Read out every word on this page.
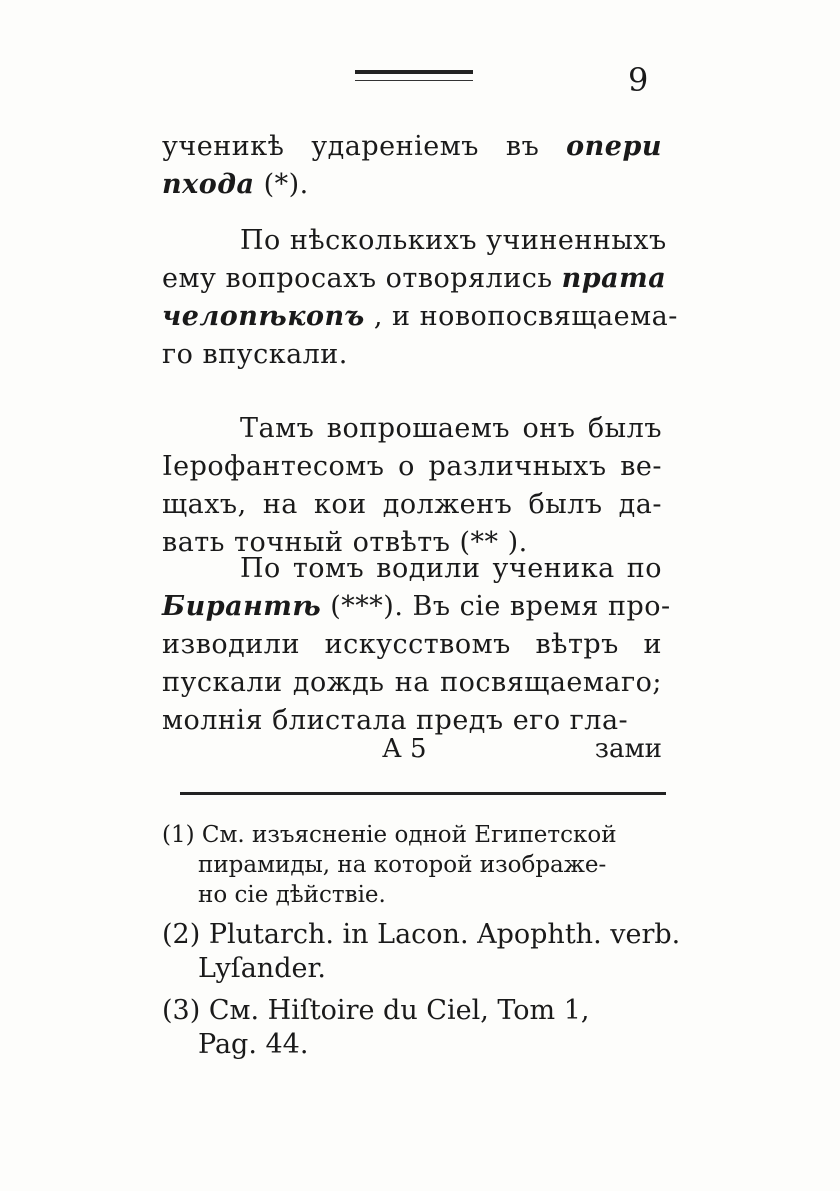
9
ученикѣ ударенiемъ въ опери
пхода (*).
По нѣсколькихъ учиненныхъ
ему вопросахъ отворялись прата
челопѣкопъ , и новопосвящаема-
го впускали.
Тамъ вопрошаемъ онъ былъ
Iерофантесомъ о различныхъ ве-
щахъ, на кои долженъ былъ да-
вать точный отвѣтъ (** ).
По томъ водили ученика по
Бирантѣ (***). Въ сiе время про-
изводили искусствомъ вѣтръ и
пускали дождь на посвящаемаго;
молнiя блистала предъ его гла-
А 5	зами
(1) См. изъясненiе одной Египетской
пирамиды, на которой изображе-
но сiе дѣйствiе.
(2) Plutarch. in Lacon. Apophth. verb.
Lyſander.
(3) См. Hiſtoire du Ciel, Tom 1,
Pag. 44.
